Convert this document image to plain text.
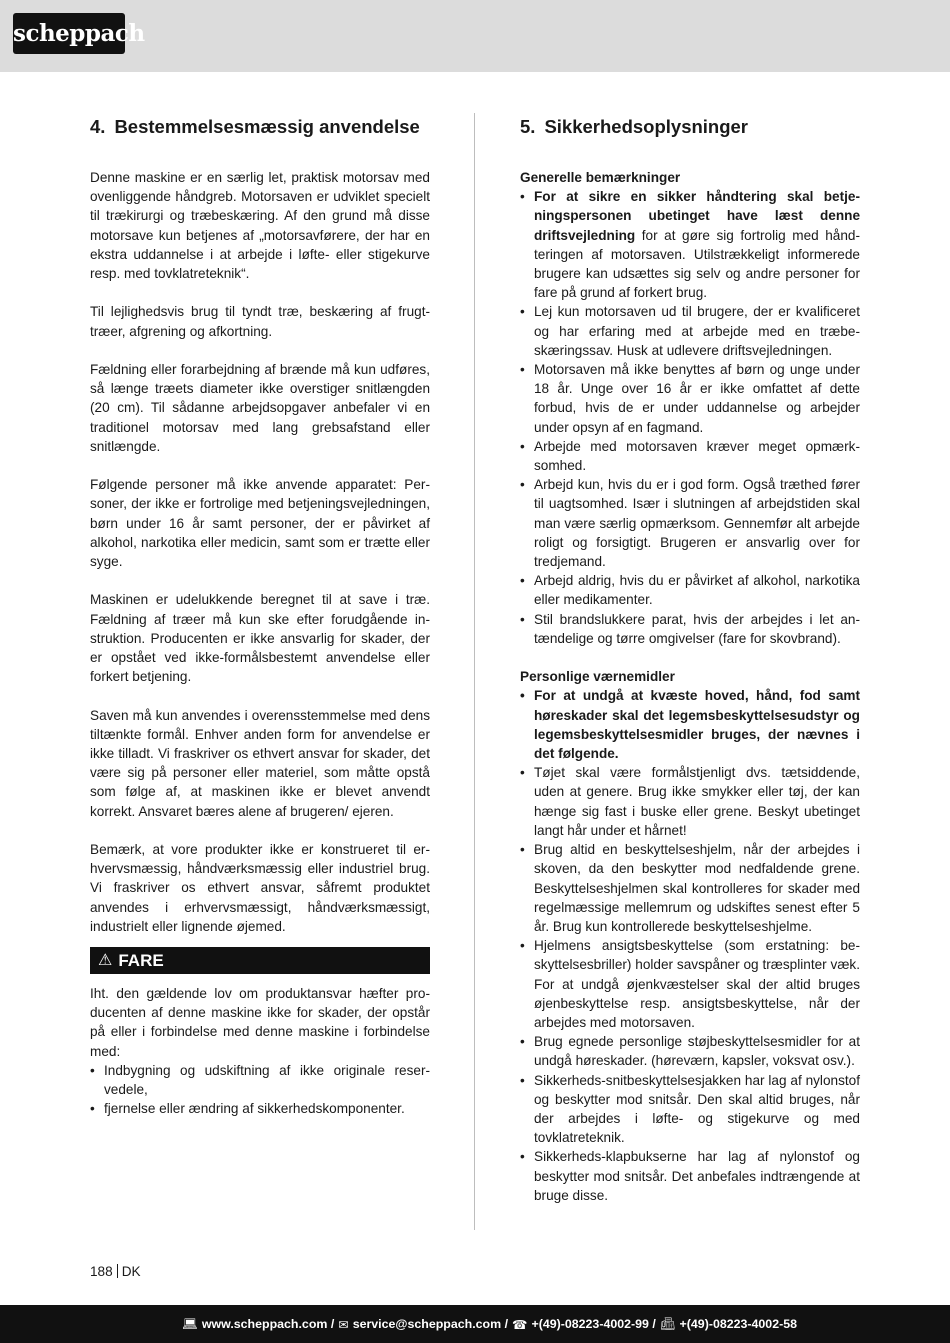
scheppach
4. Bestemmelsesmæssig anvendelse

Denne maskine er en særlig let, praktisk motorsav med ovenliggende håndgreb. Motorsaven er udviklet specielt til trækirurgi og træbeskæring. Af den grund må disse motorsave kun betjenes af „motorsavførere, der har en ekstra uddannelse i at arbejde i løfte- eller stigekurve resp. med tovklatreteknik“.

Til lejlighedsvis brug til tyndt træ, beskæring af frugttræer, afgrening og afkortning.

Fældning eller forarbejdning af brænde må kun udføres, så længe træets diameter ikke overstiger snitlængden (20 cm). Til sådanne arbejdsopgaver anbefaler vi en traditionel motorsav med lang grebsafstand eller snitlængde.

Følgende personer må ikke anvende apparatet: Personer, der ikke er fortrolige med betjeningsvejledningen, børn under 16 år samt personer, der er påvirket af alkohol, narkotika eller medicin, samt som er trætte eller syge.

Maskinen er udelukkende beregnet til at save i træ. Fældning af træer må kun ske efter forudgående instruktion. Producenten er ikke ansvarlig for skader, der er opstået ved ikke-formålsbestemt anvendelse eller forkert betjening.

Saven må kun anvendes i overensstemmelse med dens tiltænkte formål. Enhver anden form for anvendelse er ikke tilladt. Vi fraskriver os ethvert ansvar for skader, det være sig på personer eller materiel, som måtte opstå som følge af, at maskinen ikke er blevet anvendt korrekt. Ansvaret bæres alene af brugeren/ ejeren.

Bemærk, at vore produkter ikke er konstrueret til erhvervsmæssig, håndværksmæssig eller industriel brug. Vi fraskriver os ethvert ansvar, såfremt produktet anvendes i erhvervsmæssigt, håndværksmæssigt, industrielt eller lignende øjemed.

⚠ FARE

Iht. den gældende lov om produktansvar hæfter producenten af denne maskine ikke for skader, der opstår på eller i forbindelse med denne maskine i forbindelse med:

• Indbygning og udskiftning af ikke originale reservedele,
• fjernelse eller ændring af sikkerhedskomponenter.
5. Sikkerhedsoplysninger
Generelle bemærkninger
• For at sikre en sikker håndtering skal betjeningspersonen ubetinget have læst denne driftsvejledning for at gøre sig fortrolig med håndteringen af motorsaven. Utilstrækkeligt informerede brugere kan udsættes sig selv og andre personer for fare på grund af forkert brug.
• Lej kun motorsaven ud til brugere, der er kvalificeret og har erfaring med at arbejde med en træbeskæringssav. Husk at udlevere driftsvejledningen.
• Motorsaven må ikke benyttes af børn og unge under 18 år. Unge over 16 år er ikke omfattet af dette forbud, hvis de er under uddannelse og arbejder under opsyn af en fagmand.
• Arbejde med motorsaven kræver meget opmærksomhed.
• Arbejd kun, hvis du er i god form. Også træthed fører til uagtsomhed. Især i slutningen af arbejdstiden skal man være særlig opmærksom. Gennemfør alt arbejde roligt og forsigtigt. Brugeren er ansvarlig over for tredjemand.
• Arbejd aldrig, hvis du er påvirket af alkohol, narkotika eller medikamenter.
• Stil brandslukkere parat, hvis der arbejdes i let antændelige og tørre omgivelser (fare for skovbrand).
Personlige værnemidler
• For at undgå at kvæste hoved, hånd, fod samt høreskader skal det legemsbeskyttelsesudstyr og legemsbeskyttelsesmidler bruges, der nævnes i det følgende.
• Tøjet skal være formålstjenligt dvs. tætsiddende, uden at genere. Brug ikke smykker eller tøj, der kan hænge sig fast i buske eller grene. Beskyt ubetinget langt hår under et hårnet!
• Brug altid en beskyttelseshjelm, når der arbejdes i skoven, da den beskytter mod nedfaldende grene. Beskyttelseshjelmen skal kontrolleres for skader med regelmæssige mellemrum og udskiftes senest efter 5 år. Brug kun kontrollerede beskyttelseshjelme.
• Hjelmens ansigtsbeskyttelse (som erstatning: beskyttelsesbriller) holder savspåner og træsplinter væk. For at undgå øjenkvæstelser skal der altid bruges øjenbeskyttelse resp. ansigtsbeskyttelse, når der arbejdes med motorsaven.
• Brug egnede personlige støjbeskyttelsesmidler for at undgå høreskader. (høreværn, kapsler, voksvat osv.).
• Sikkerheds-snitbeskyttelsesjakken har lag af nylonstof og beskytter mod snitsår. Den skal altid bruges, når der arbejdes i løfte- og stigekurve og med tovklatreteknik.
• Sikkerheds-klapbukserne har lag af nylonstof og beskytter mod snitsår. Det anbefales indtrængende at bruge disse.
188 DK
💻︎ www.scheppach.com / ✉︎ service@scheppach.com / ☎︎ +(49)-08223-4002-99 / 📠︎ +(49)-08223-4002-58
